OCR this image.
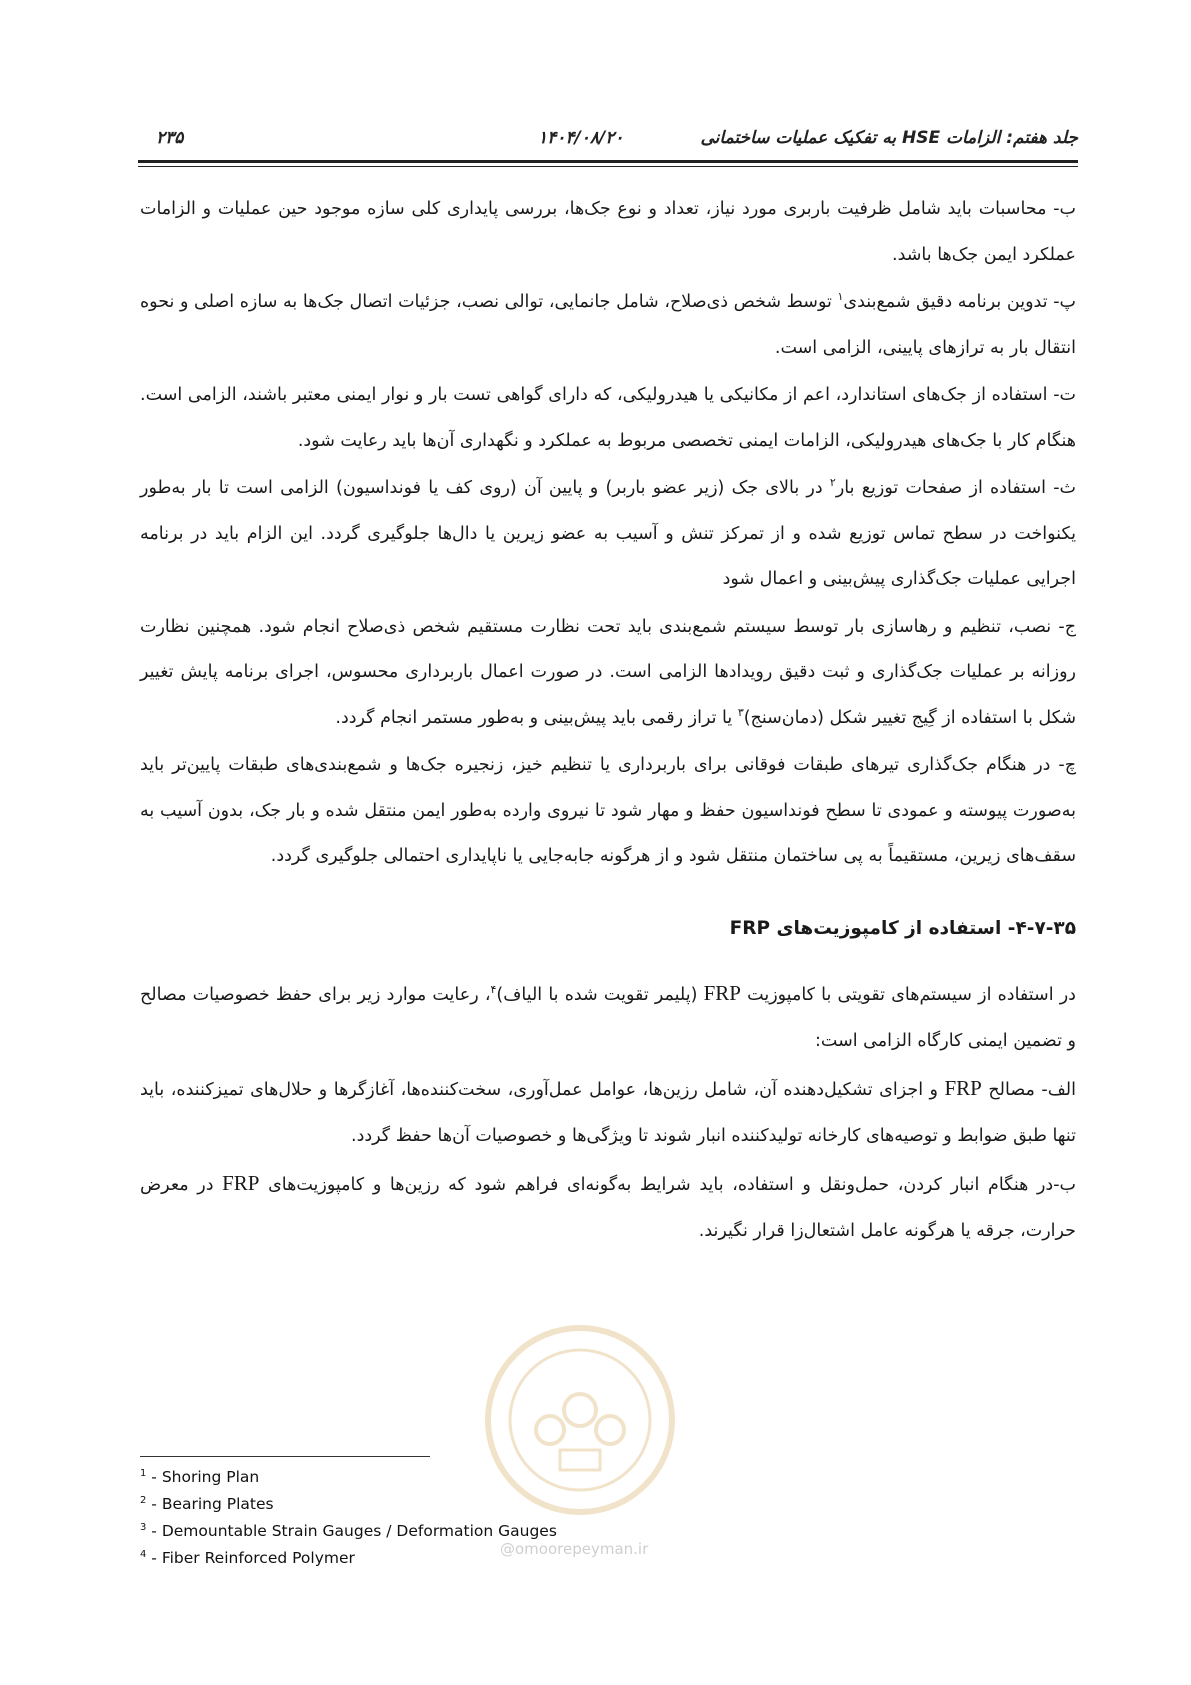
جلد هفتم: الزامات HSE به تفکیک عملیات ساختمانی
۱۴۰۴/۰۸/۲۰
۲۳۵

ب- محاسبات باید شامل ظرفیت باربری مورد نیاز، تعداد و نوع جک‌ها، بررسی پایداری کلی سازه موجود حین عملیات و الزامات عملکرد ایمن جک‌ها باشد.

پ- تدوین برنامه دقیق شمع‌بندی$^۱$ توسط شخص ذی‌صلاح، شامل جانمایی، توالی نصب، جزئیات اتصال جک‌ها به سازه اصلی و نحوه انتقال بار به ترازهای پایینی، الزامی است.

ت- استفاده از جک‌های استاندارد، اعم از مکانیکی یا هیدرولیکی، که دارای گواهی تست بار و نوار ایمنی معتبر باشند، الزامی است. هنگام کار با جک‌های هیدرولیکی، الزامات ایمنی تخصصی مربوط به عملکرد و نگهداری آن‌ها باید رعایت شود.

ث- استفاده از صفحات توزیع بار$^۲$ در بالای جک (زیر عضو باربر) و پایین آن (روی کف یا فونداسیون) الزامی است تا بار به‌طور یکنواخت در سطح تماس توزیع شده و از تمرکز تنش و آسیب به عضو زیرین یا دال‌ها جلوگیری گردد. این الزام باید در برنامه اجرایی عملیات جک‌گذاری پیش‌بینی و اعمال شود

ج- نصب، تنظیم و رهاسازی بار توسط سیستم شمع‌بندی باید تحت نظارت مستقیم شخص ذی‌صلاح انجام شود. همچنین نظارت روزانه بر عملیات جک‌گذاری و ثبت دقیق رویدادها الزامی است. در صورت اعمال باربرداری محسوس، اجرای برنامه پایش تغییر شکل با استفاده از گِیج تغییر شکل (دمان‌سنج)$^۳$ یا تراز رقمی باید پیش‌بینی و به‌طور مستمر انجام گردد.

چ- در هنگام جک‌گذاری تیرهای طبقات فوقانی برای باربرداری یا تنظیم خیز، زنجیره جک‌ها و شمع‌بندی‌های طبقات پایین‌تر باید به‌صورت پیوسته و عمودی تا سطح فونداسیون حفظ و مهار شود تا نیروی وارده به‌طور ایمن منتقل شده و بار جک، بدون آسیب به سقف‌های زیرین، مستقیماً به پی ساختمان منتقل شود و از هرگونه جابه‌جایی یا ناپایداری احتمالی جلوگیری گردد.

۴-۷-۳۵- استفاده از کامپوزیت‌های FRP

در استفاده از سیستم‌های تقویتی با کامپوزیت FRP (پلیمر تقویت شده با الیاف)$^۴$، رعایت موارد زیر برای حفظ خصوصیات مصالح و تضمین ایمنی کارگاه الزامی است:

الف- مصالح FRP و اجزای تشکیل‌دهنده آن، شامل رزین‌ها، عوامل عمل‌آوری، سخت‌کننده‌ها، آغازگرها و حلال‌های تمیزکننده، باید تنها طبق ضوابط و توصیه‌های کارخانه تولیدکننده انبار شوند تا ویژگی‌ها و خصوصیات آن‌ها حفظ گردد.

ب-در هنگام انبار کردن، حمل‌ونقل و استفاده، باید شرایط به‌گونه‌ای فراهم شود که رزین‌ها و کامپوزیت‌های FRP در معرض حرارت، جرقه یا هرگونه عامل اشتعال‌زا قرار نگیرند.

@omoorepeyman.ir
$^1$ - Shoring Plan
$^2$ - Bearing Plates
$^3$ - Demountable Strain Gauges / Deformation Gauges
$^4$ - Fiber Reinforced Polymer
